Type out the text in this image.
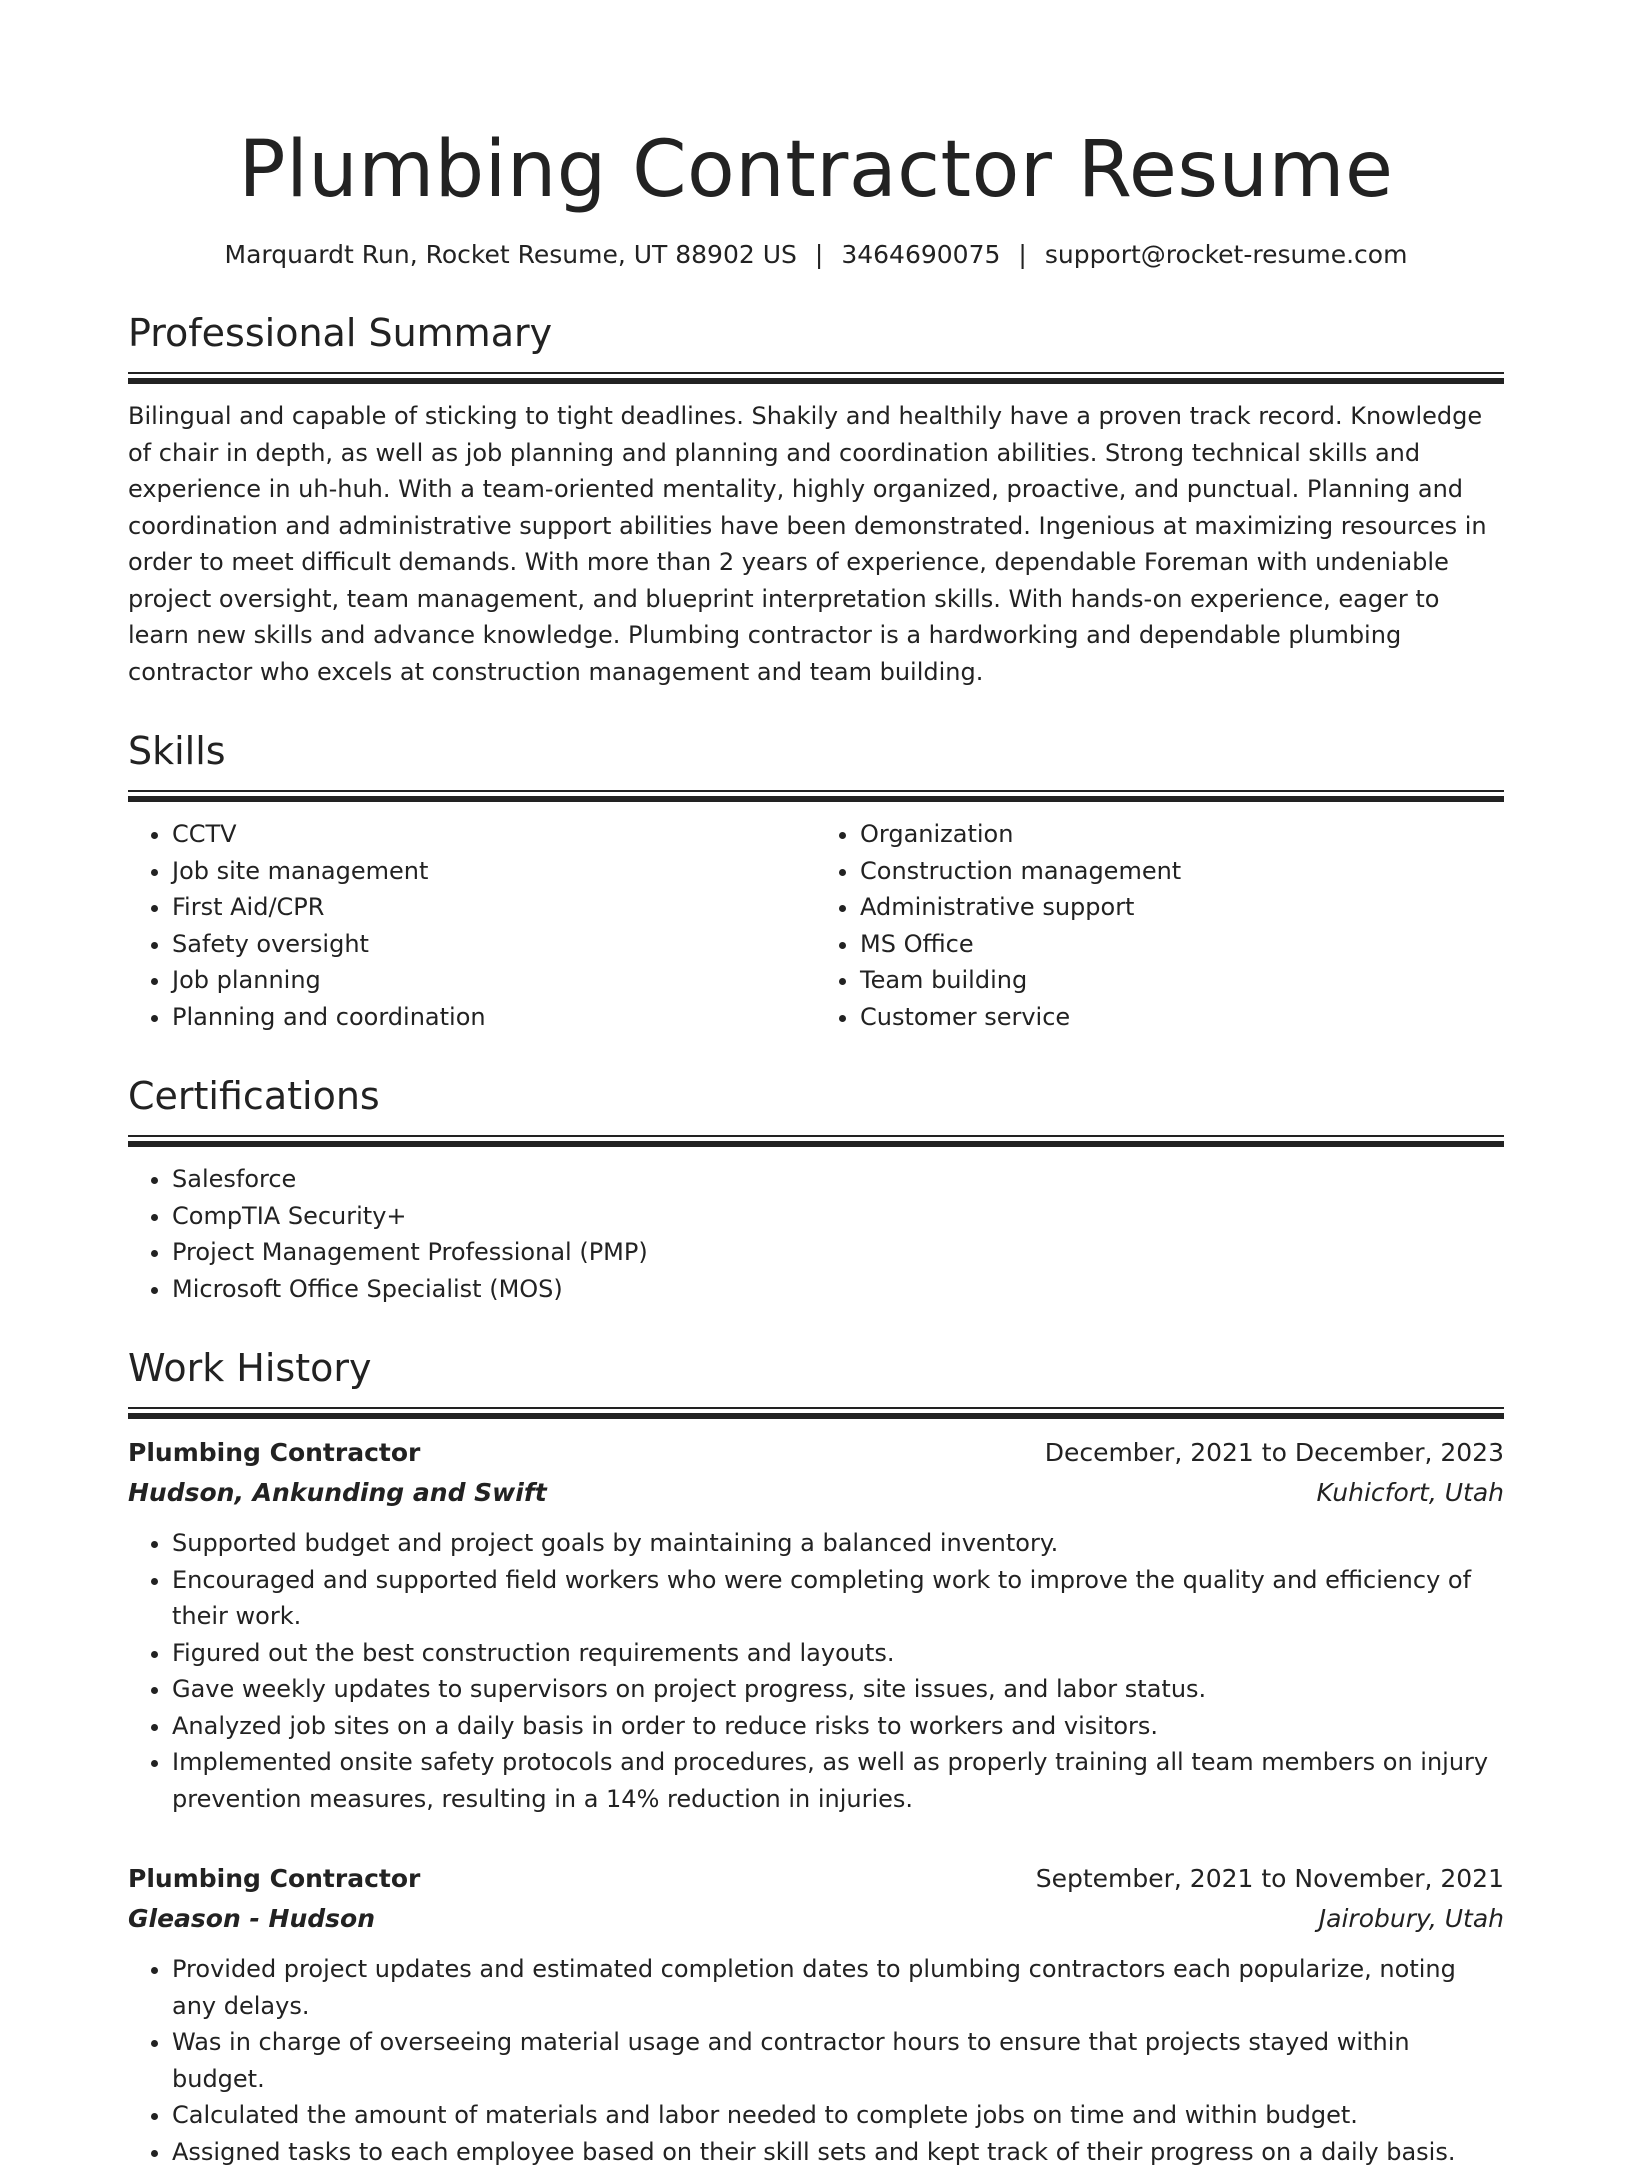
Plumbing Contractor Resume
Marquardt Run, Rocket Resume, UT 88902 US | 3464690075 | support@rocket-resume.com
Professional Summary

Bilingual and capable of sticking to tight deadlines. Shakily and healthily have a proven track record. Knowledge of chair in depth, as well as job planning and planning and coordination abilities. Strong technical skills and experience in uh-huh. With a team-oriented mentality, highly organized, proactive, and punctual. Planning and coordination and administrative support abilities have been demonstrated. Ingenious at maximizing resources in order to meet difficult demands. With more than 2 years of experience, dependable Foreman with undeniable project oversight, team management, and blueprint interpretation skills. With hands-on experience, eager to learn new skills and advance knowledge. Plumbing contractor is a hardworking and dependable plumbing contractor who excels at construction management and team building.

Skills
• CCTV
• Job site management
• First Aid/CPR
• Safety oversight
• Job planning
• Planning and coordination
• Organization
• Construction management
• Administrative support
• MS Office
• Team building
• Customer service
Certifications
• Salesforce
• CompTIA Security+
• Project Management Professional (PMP)
• Microsoft Office Specialist (MOS)
Work History
Plumbing Contractor	December, 2021 to December, 2023
Hudson, Ankunding and Swift	Kuhicfort, Utah
• Supported budget and project goals by maintaining a balanced inventory.
• Encouraged and supported field workers who were completing work to improve the quality and efficiency of their work.
• Figured out the best construction requirements and layouts.
• Gave weekly updates to supervisors on project progress, site issues, and labor status.
• Analyzed job sites on a daily basis in order to reduce risks to workers and visitors.
• Implemented onsite safety protocols and procedures, as well as properly training all team members on injury prevention measures, resulting in a 14% reduction in injuries.
Plumbing Contractor	September, 2021 to November, 2021
Gleason - Hudson	Jairobury, Utah
• Provided project updates and estimated completion dates to plumbing contractors each popularize, noting any delays.
• Was in charge of overseeing material usage and contractor hours to ensure that projects stayed within budget.
• Calculated the amount of materials and labor needed to complete jobs on time and within budget.
• Assigned tasks to each employee based on their skill sets and kept track of their progress on a daily basis.
